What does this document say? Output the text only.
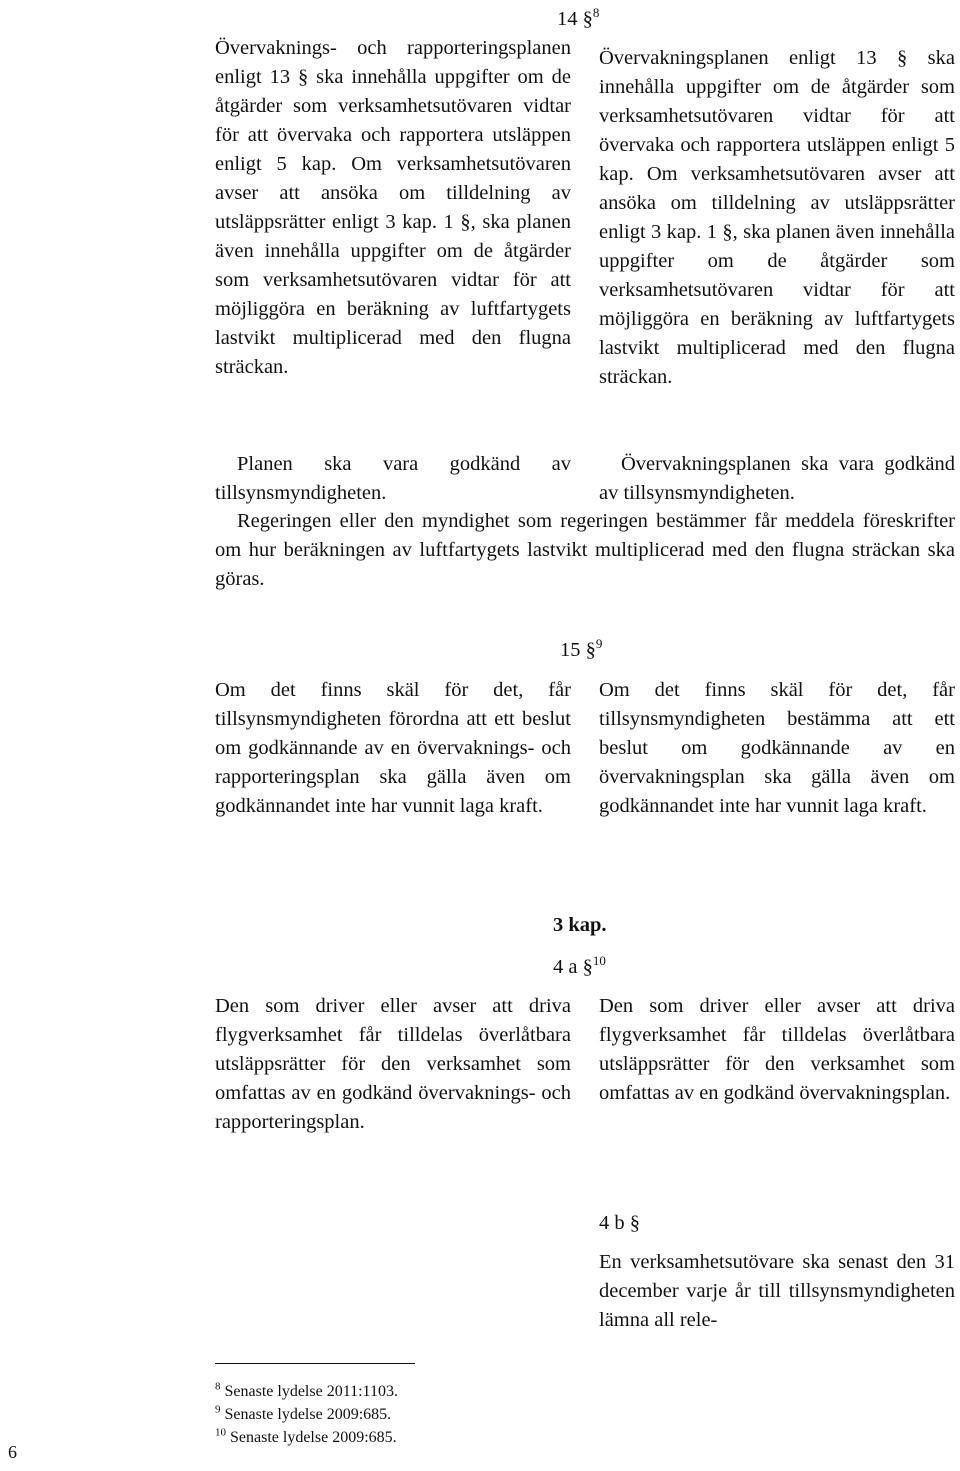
14 §$^8$

Övervaknings- och rapporteringsplanen enligt 13 § ska innehålla uppgifter om de åtgärder som verksamhetsutövaren vidtar för att övervaka och rapportera utsläppen enligt 5 kap. Om verksamhetsutövaren avser att ansöka om tilldelning av utsläppsrätter enligt 3 kap. 1 §, ska planen även innehålla uppgifter om de åtgärder som verksamhetsutövaren vidtar för att möjliggöra en beräkning av luftfartygets lastvikt multiplicerad med den flugna sträckan.

Planen ska vara godkänd av tillsynsmyndigheten.

Övervakningsplanen enligt 13 § ska innehålla uppgifter om de åtgärder som verksamhetsutövaren vidtar för att övervaka och rapportera utsläppen enligt 5 kap. Om verksamhetsutövaren avser att ansöka om tilldelning av utsläppsrätter enligt 3 kap. 1 §, ska planen även innehålla uppgifter om de åtgärder som verksamhetsutövaren vidtar för att möjliggöra en beräkning av luftfartygets lastvikt multiplicerad med den flugna sträckan.

Övervakningsplanen ska vara godkänd av tillsynsmyndigheten.

Regeringen eller den myndighet som regeringen bestämmer får meddela föreskrifter om hur beräkningen av luftfartygets lastvikt multiplicerad med den flugna sträckan ska göras.

15 §$^9$

Om det finns skäl för det, får tillsynsmyndigheten förordna att ett beslut om godkännande av en övervaknings- och rapporteringsplan ska gälla även om godkännandet inte har vunnit laga kraft.

Om det finns skäl för det, får tillsynsmyndigheten bestämma att ett beslut om godkännande av en övervakningsplan ska gälla även om godkännandet inte har vunnit laga kraft.

3 kap.
4 a §$^{10}$

Den som driver eller avser att driva flygverksamhet får tilldelas överlåtbara utsläppsrätter för den verksamhet som omfattas av en godkänd övervaknings- och rapporteringsplan.

Den som driver eller avser att driva flygverksamhet får tilldelas överlåtbara utsläppsrätter för den verksamhet som omfattas av en godkänd övervakningsplan.

4 b §

En verksamhetsutövare ska senast den 31 december varje år till tillsynsmyndigheten lämna all rele-

$^8$ Senaste lydelse 2011:1103.
$^9$ Senaste lydelse 2009:685.
$^{10}$ Senaste lydelse 2009:685.
6
